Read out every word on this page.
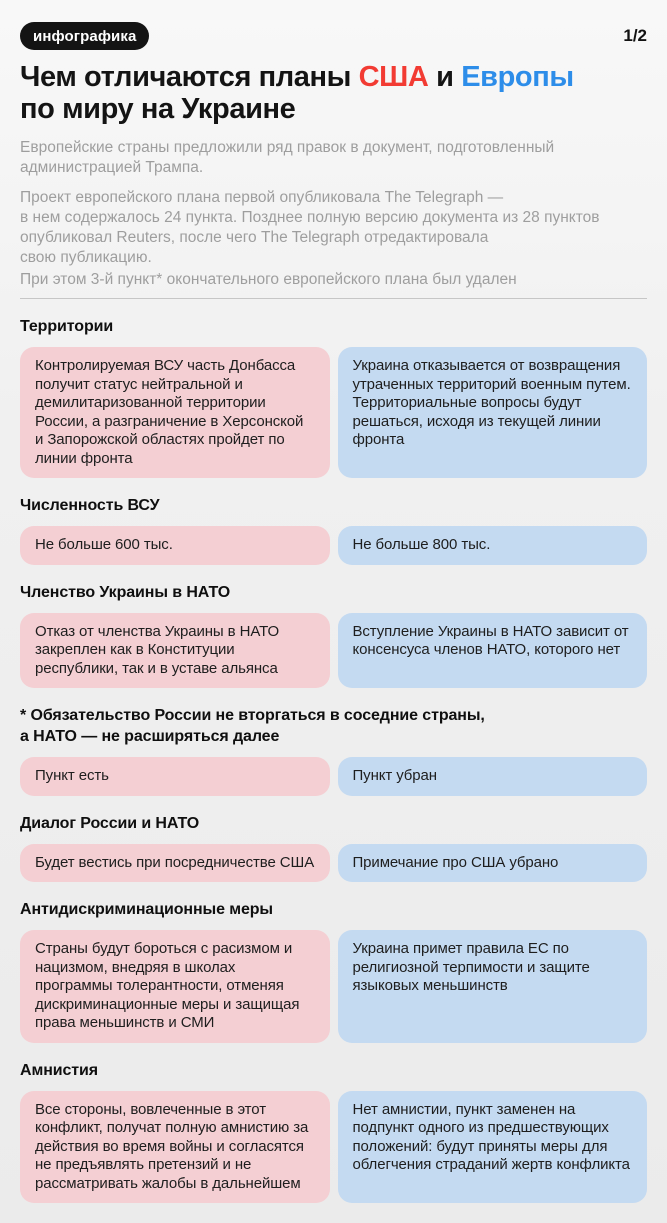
инфографика	1/2
Чем отличаются планы США и Европы
по миру на Украине
Европейские страны предложили ряд правок в документ, подготовленный
администрацией Трампа.
Проект европейского плана первой опубликовала The Telegraph —
в нем содержалось 24 пункта. Позднее полную версию документа из 28 пунктов
опубликовал Reuters, после чего The Telegraph отредактировала
свою публикацию.
При этом 3-й пункт* окончательного европейского плана был удален
Территории
Контролируемая ВСУ часть Донбасса получит статус нейтральной и демилитаризованной территории России, а разграничение в Херсонской и Запорожской областях пройдет по линии фронта
Украина отказывается от возвращения утраченных территорий военным путем. Территориальные вопросы будут решаться, исходя из текущей линии фронта
Численность ВСУ
Не больше 600 тыс.	Не больше 800 тыс.
Членство Украины в НАТО
Отказ от членства Украины в НАТО закреплен как в Конституции республики, так и в уставе альянса
Вступление Украины в НАТО зависит от консенсуса членов НАТО, которого нет
* Обязательство России не вторгаться в соседние страны,
а НАТО — не расширяться далее
Пункт есть	Пункт убран
Диалог России и НАТО
Будет вестись при посредничестве США	Примечание про США убрано
Антидискриминационные меры
Страны будут бороться с расизмом и нацизмом, внедряя в школах программы толерантности, отменяя дискриминационные меры и защищая права меньшинств и СМИ
Украина примет правила ЕС по религиозной терпимости и защите языковых меньшинств
Амнистия
Все стороны, вовлеченные в этот конфликт, получат полную амнистию за действия во время войны и согласятся не предъявлять претензий и не рассматривать жалобы в дальнейшем
Нет амнистии, пункт заменен на подпункт одного из предшествующих положений: будут приняты меры для облегчения страданий жертв конфликта
